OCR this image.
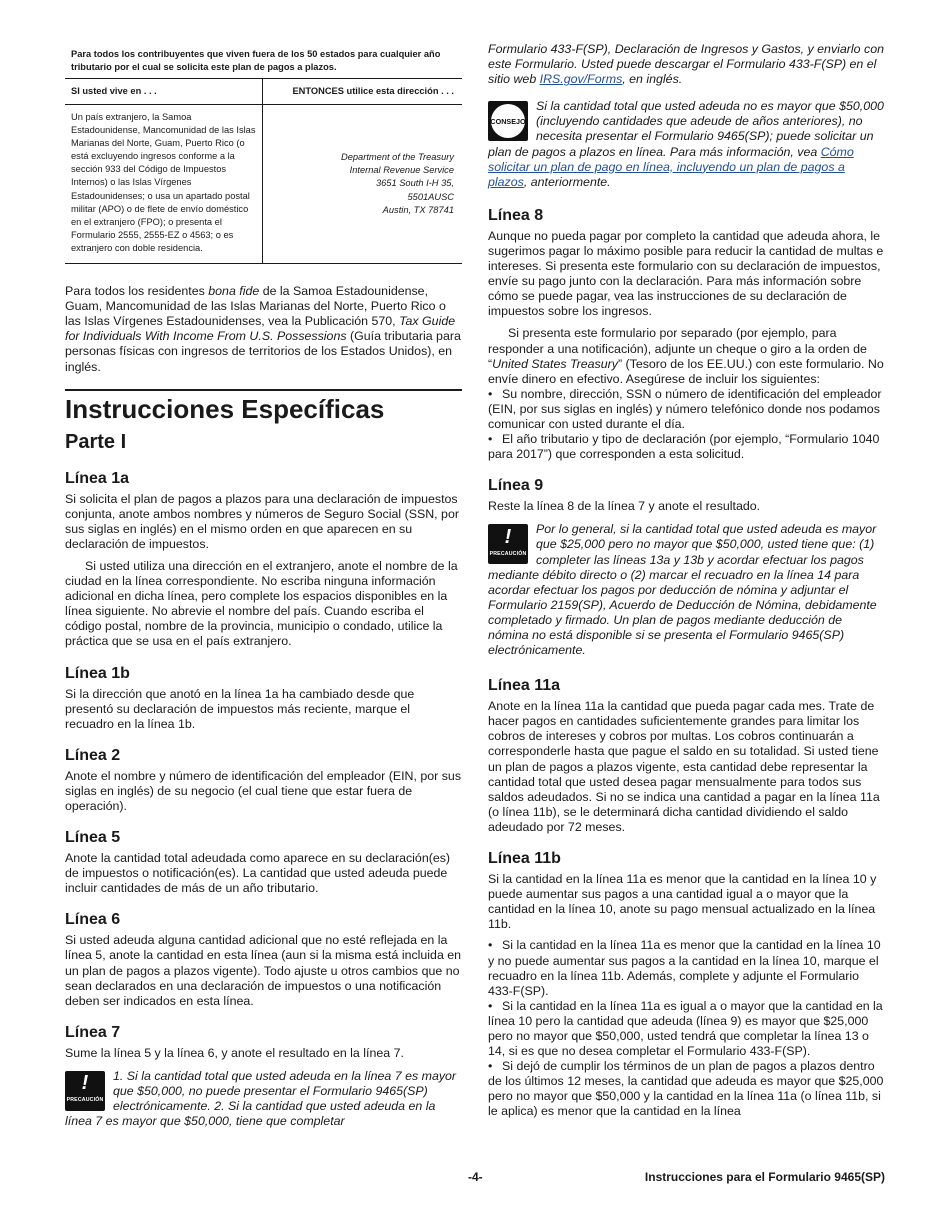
Para todos los contribuyentes que viven fuera de los 50 estados para cualquier año tributario por el cual se solicita este plan de pagos a plazos.
SI usted vive en . . .	ENTONCES utilice esta dirección . . .
Un país extranjero, la Samoa Estadounidense, Mancomunidad de las Islas Marianas del Norte, Guam, Puerto Rico (o está excluyendo ingresos conforme a la sección 933 del Código de Impuestos Internos) o las Islas Vírgenes Estadounidenses; o usa un apartado postal militar (APO) o de flete de envío doméstico en el extranjero (FPO); o presenta el Formulario 2555, 2555-EZ o 4563; o es extranjero con doble residencia.
Department of the Treasury
Internal Revenue Service
3651 South I-H 35,
5501AUSC
Austin, TX 78741

Para todos los residentes bona fide de la Samoa Estadounidense, Guam, Mancomunidad de las Islas Marianas del Norte, Puerto Rico o las Islas Vírgenes Estadounidenses, vea la Publicación 570, Tax Guide for Individuals With Income From U.S. Possessions (Guía tributaria para personas físicas con ingresos de territorios de los Estados Unidos), en inglés.

Instrucciones Específicas
Parte I
Línea 1a

Si solicita el plan de pagos a plazos para una declaración de impuestos conjunta, anote ambos nombres y números de Seguro Social (SSN, por sus siglas en inglés) en el mismo orden en que aparecen en su declaración de impuestos.

Si usted utiliza una dirección en el extranjero, anote el nombre de la ciudad en la línea correspondiente. No escriba ninguna información adicional en dicha línea, pero complete los espacios disponibles en la línea siguiente. No abrevie el nombre del país. Cuando escriba el código postal, nombre de la provincia, municipio o condado, utilice la práctica que se usa en el país extranjero.

Línea 1b

Si la dirección que anotó en la línea 1a ha cambiado desde que presentó su declaración de impuestos más reciente, marque el recuadro en la línea 1b.

Línea 2

Anote el nombre y número de identificación del empleador (EIN, por sus siglas en inglés) de su negocio (el cual tiene que estar fuera de operación).

Línea 5

Anote la cantidad total adeudada como aparece en su declaración(es) de impuestos o notificación(es). La cantidad que usted adeuda puede incluir cantidades de más de un año tributario.

Línea 6

Si usted adeuda alguna cantidad adicional que no esté reflejada en la línea 5, anote la cantidad en esta línea (aun si la misma está incluida en un plan de pagos a plazos vigente). Todo ajuste u otros cambios que no sean declarados en una declaración de impuestos o una notificación deben ser indicados en esta línea.

Línea 7

Sume la línea 5 y la línea 6, y anote el resultado en la línea 7.

!
PRECAUCIÓN
1. Si la cantidad total que usted adeuda en la línea 7 es mayor que $50,000, no puede presentar el Formulario 9465(SP) electrónicamente. 2. Si la cantidad que usted adeuda en la línea 7 es mayor que $50,000, tiene que completar

Formulario 433-F(SP), Declaración de Ingresos y Gastos, y enviarlo con este Formulario. Usted puede descargar el Formulario 433-F(SP) en el sitio web IRS.gov/Forms, en inglés.

CONSEJO
Si la cantidad total que usted adeuda no es mayor que $50,000 (incluyendo cantidades que adeude de años anteriores), no necesita presentar el Formulario 9465(SP); puede solicitar un plan de pagos a plazos en línea. Para más información, vea Cómo solicitar un plan de pago en línea, incluyendo un plan de pagos a plazos, anteriormente.
Línea 8

Aunque no pueda pagar por completo la cantidad que adeuda ahora, le sugerimos pagar lo máximo posible para reducir la cantidad de multas e intereses. Si presenta este formulario con su declaración de impuestos, envíe su pago junto con la declaración. Para más información sobre cómo se puede pagar, vea las instrucciones de su declaración de impuestos sobre los ingresos.

Si presenta este formulario por separado (por ejemplo, para responder a una notificación), adjunte un cheque o giro a la orden de “United States Treasury” (Tesoro de los EE.UU.) con este formulario. No envíe dinero en efectivo. Asegúrese de incluir los siguientes:

• Su nombre, dirección, SSN o número de identificación del empleador (EIN, por sus siglas en inglés) y número telefónico donde nos podamos comunicar con usted durante el día.

• El año tributario y tipo de declaración (por ejemplo, “Formulario 1040 para 2017”) que corresponden a esta solicitud.

Línea 9

Reste la línea 8 de la línea 7 y anote el resultado.

!
PRECAUCIÓN
Por lo general, si la cantidad total que usted adeuda es mayor que $25,000 pero no mayor que $50,000, usted tiene que: (1) completer las líneas 13a y 13b y acordar efectuar los pagos mediante débito directo o (2) marcar el recuadro en la línea 14 para acordar efectuar los pagos por deducción de nómina y adjuntar el Formulario 2159(SP), Acuerdo de Deducción de Nómina, debidamente completado y firmado. Un plan de pagos mediante deducción de nómina no está disponible si se presenta el Formulario 9465(SP) electrónicamente.
Línea 11a

Anote en la línea 11a la cantidad que pueda pagar cada mes. Trate de hacer pagos en cantidades suficientemente grandes para limitar los cobros de intereses y cobros por multas. Los cobros continuarán a corresponderle hasta que pague el saldo en su totalidad. Si usted tiene un plan de pagos a plazos vigente, esta cantidad debe representar la cantidad total que usted desea pagar mensualmente para todos sus saldos adeudados. Si no se indica una cantidad a pagar en la línea 11a (o línea 11b), se le determinará dicha cantidad dividiendo el saldo adeudado por 72 meses.

Línea 11b

Si la cantidad en la línea 11a es menor que la cantidad en la línea 10 y puede aumentar sus pagos a una cantidad igual a o mayor que la cantidad en la línea 10, anote su pago mensual actualizado en la línea 11b.

• Si la cantidad en la línea 11a es menor que la cantidad en la línea 10 y no puede aumentar sus pagos a la cantidad en la línea 10, marque el recuadro en la línea 11b. Además, complete y adjunte el Formulario 433-F(SP).

• Si la cantidad en la línea 11a es igual a o mayor que la cantidad en la línea 10 pero la cantidad que adeuda (línea 9) es mayor que $25,000 pero no mayor que $50,000, usted tendrá que completar la línea 13 o 14, si es que no desea completar el Formulario 433-F(SP).

• Si dejó de cumplir los términos de un plan de pagos a plazos dentro de los últimos 12 meses, la cantidad que adeuda es mayor que $25,000 pero no mayor que $50,000 y la cantidad en la línea 11a (o línea 11b, si le aplica) es menor que la cantidad en la línea

-4-	Instrucciones para el Formulario 9465(SP)
